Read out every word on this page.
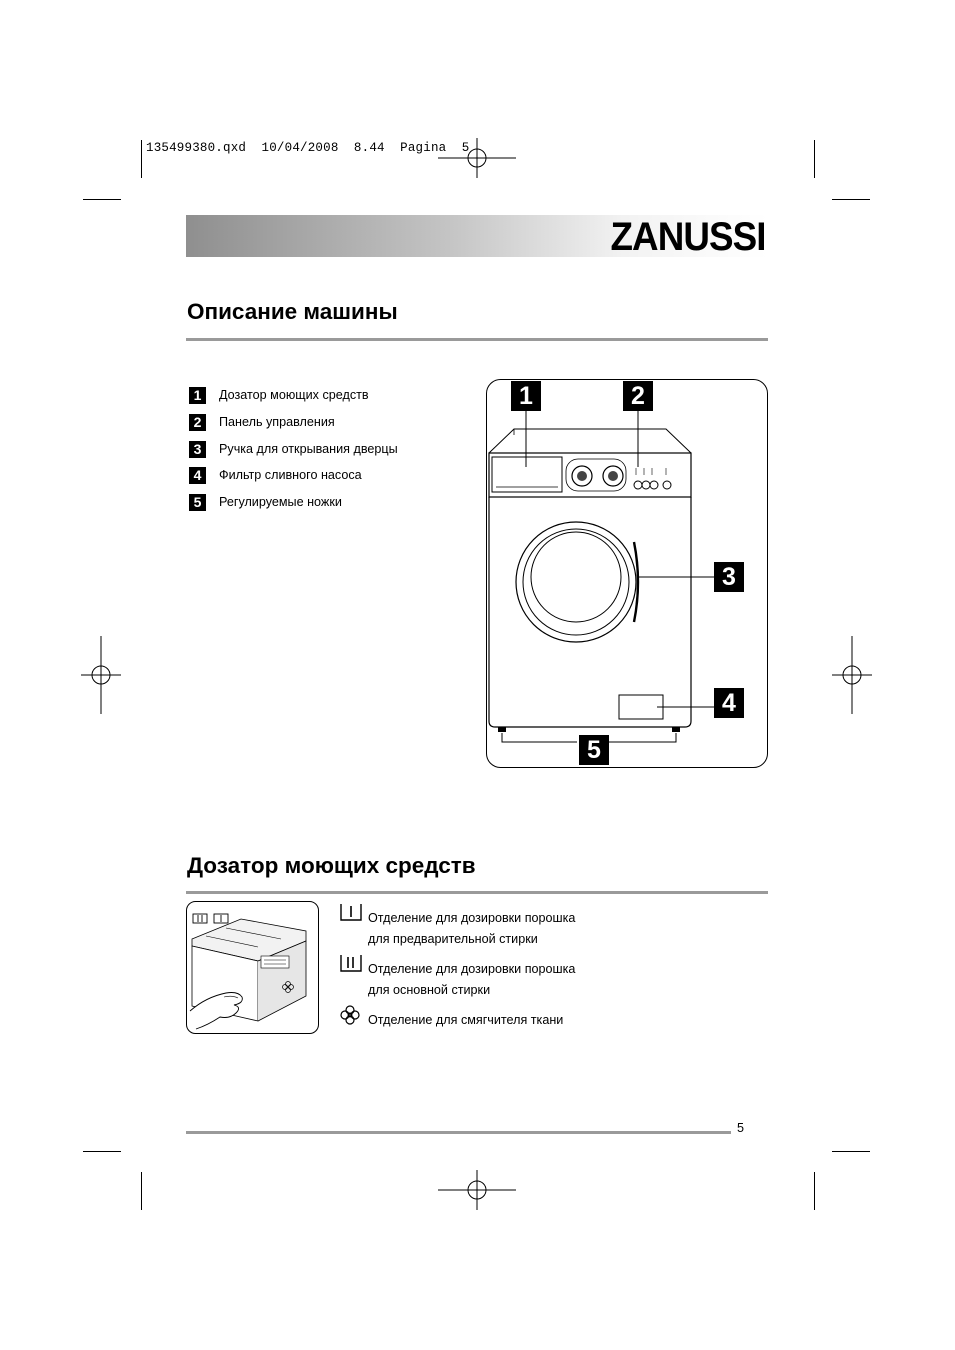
135499380.qxd  10/04/2008  8.44  Pagina  5
ZANUSSI
Описание машины
1	Дозатор моющих средств
2	Панель управления
3	Ручка для открывания дверцы
4	Фильтр сливного насоса
5	Регулируемые ножки
1	2
3
4
5
Дозатор моющих средств
Отделение для дозировки порошка
для предварительной стирки
Отделение для дозировки порошка
для основной стирки
Отделение для смягчителя ткани
5
